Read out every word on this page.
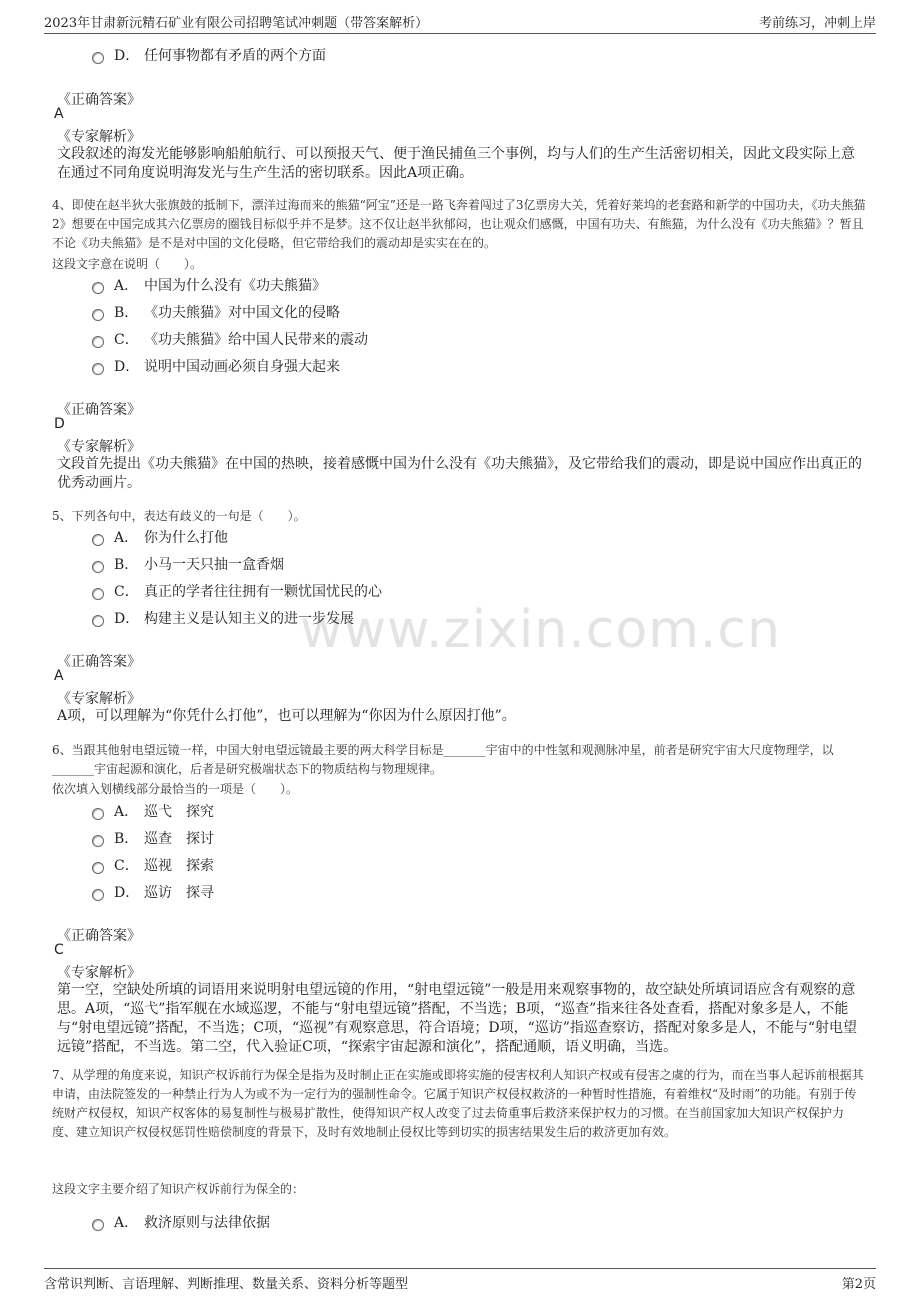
2023年甘肃新沅精石矿业有限公司招聘笔试冲刺题（带答案解析）	考前练习，冲刺上岸
www.zixin.com.cn
D． 任何事物都有矛盾的两个方面
《正确答案》
A
《专家解析》
文段叙述的海发光能够影响船舶航行、可以预报天气、便于渔民捕鱼三个事例，均与人们的生产生活密切相关，因此文段实际上意在通过不同角度说明海发光与生产生活的密切联系。因此A项正确。
4、即使在赵半狄大张旗鼓的抵制下，漂洋过海而来的熊猫“阿宝”还是一路飞奔着闯过了3亿票房大关，凭着好莱坞的老套路和新学的中国功夫，《功夫熊猫2》想要在中国完成其六亿票房的圈钱目标似乎并不是梦。这不仅让赵半狄郁闷，也让观众们感慨，中国有功夫、有熊猫，为什么没有《功夫熊猫》？暂且不论《功夫熊猫》是不是对中国的文化侵略，但它带给我们的震动却是实实在在的。
这段文字意在说明（　　）。
A． 中国为什么没有《功夫熊猫》
B． 《功夫熊猫》对中国文化的侵略
C． 《功夫熊猫》给中国人民带来的震动
D． 说明中国动画必须自身强大起来
《正确答案》
D
《专家解析》
文段首先提出《功夫熊猫》在中国的热映，接着感慨中国为什么没有《功夫熊猫》，及它带给我们的震动，即是说中国应作出真正的优秀动画片。
5、下列各句中，表达有歧义的一句是（　　）。
A． 你为什么打他
B． 小马一天只抽一盒香烟
C． 真正的学者往往拥有一颗忧国忧民的心
D． 构建主义是认知主义的进一步发展
《正确答案》
A
《专家解析》
A项，可以理解为“你凭什么打他”，也可以理解为“你因为什么原因打他”。
6、当跟其他射电望远镜一样，中国大射电望远镜最主要的两大科学目标是_______宇宙中的中性氢和观测脉冲星，前者是研究宇宙大尺度物理学，以_______宇宙起源和演化，后者是研究极端状态下的物质结构与物理规律。
依次填入划横线部分最恰当的一项是（　　）。
A． 巡弋　探究
B． 巡查　探讨
C． 巡视　探索
D． 巡访　探寻
《正确答案》
C
《专家解析》
第一空，空缺处所填的词语用来说明射电望远镜的作用，“射电望远镜”一般是用来观察事物的，故空缺处所填词语应含有观察的意思。A项，“巡弋”指军舰在水域巡逻，不能与“射电望远镜”搭配，不当选；B项，“巡查”指来往各处查看，搭配对象多是人，不能与“射电望远镜”搭配，不当选；C项，“巡视”有观察意思，符合语境；D项，“巡访”指巡查察访，搭配对象多是人，不能与“射电望远镜”搭配，不当选。第二空，代入验证C项，“探索宇宙起源和演化”，搭配通顺，语义明确，当选。
7、从学理的角度来说，知识产权诉前行为保全是指为及时制止正在实施或即将实施的侵害权利人知识产权或有侵害之虞的行为，而在当事人起诉前根据其申请，由法院签发的一种禁止行为人为或不为一定行为的强制性命令。它属于知识产权侵权救济的一种暂时性措施，有着维权“及时雨”的功能。有别于传统财产权侵权，知识产权客体的易复制性与极易扩散性，使得知识产权人改变了过去倚重事后救济来保护权力的习惯。在当前国家加大知识产权保护力度、建立知识产权侵权惩罚性赔偿制度的背景下，及时有效地制止侵权比等到切实的损害结果发生后的救济更加有效。
这段文字主要介绍了知识产权诉前行为保全的：
A． 救济原则与法律依据
含常识判断、言语理解、判断推理、数量关系、资料分析等题型	第2页
